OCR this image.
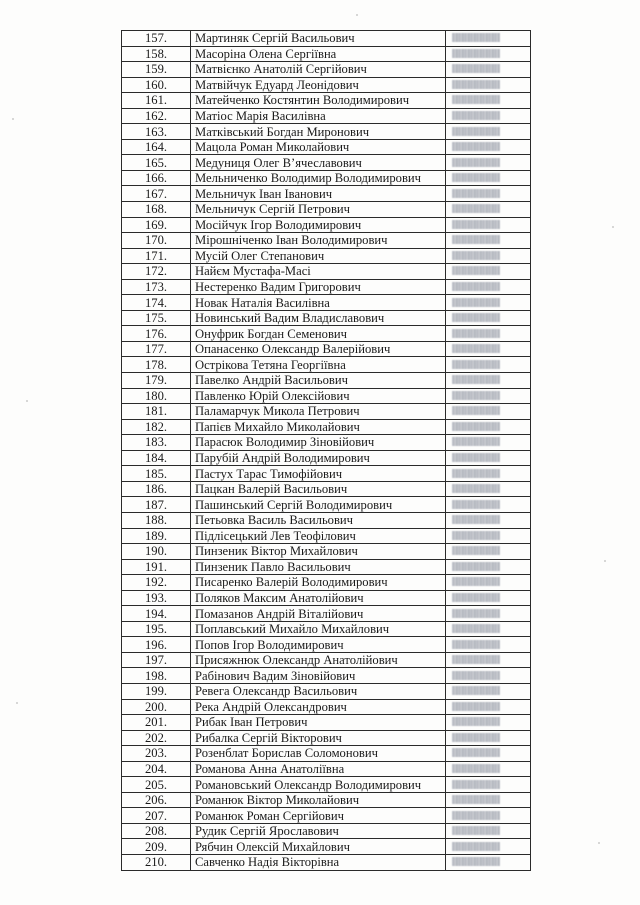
157.	Мартиняк Сергій Васильович	
158.	Масоріна Олена Сергіївна	
159.	Матвієнко Анатолій Сергійович	
160.	Матвійчук Едуард Леонідович	
161.	Матейченко Костянтин Володимирович	
162.	Матіос Марія Василівна	
163.	Матківський Богдан Миронович	
164.	Мацола Роман Миколайович	
165.	Медуниця Олег В’ячеславович	
166.	Мельниченко Володимир Володимирович	
167.	Мельничук Іван Іванович	
168.	Мельничук Сергій Петрович	
169.	Мосійчук Ігор Володимирович	
170.	Мірошніченко Іван Володимирович	
171.	Мусій Олег Степанович	
172.	Найєм Мустафа-Масі	
173.	Нестеренко Вадим Григорович	
174.	Новак Наталія Василівна	
175.	Новинський Вадим Владиславович	
176.	Онуфрик Богдан Семенович	
177.	Опанасенко Олександр Валерійович	
178.	Острікова Тетяна Георгіївна	
179.	Павелко Андрій Васильович	
180.	Павленко Юрій Олексійович	
181.	Паламарчук Микола Петрович	
182.	Папієв Михайло Миколайович	
183.	Парасюк Володимир Зіновійович	
184.	Парубій Андрій Володимирович	
185.	Пастух Тарас Тимофійович	
186.	Пацкан Валерій Васильович	
187.	Пашинський Сергій Володимирович	
188.	Петьовка Василь Васильович	
189.	Підлісецький Лев Теофілович	
190.	Пинзеник Віктор Михайлович	
191.	Пинзеник Павло Васильович	
192.	Писаренко Валерій Володимирович	
193.	Поляков Максим Анатолійович	
194.	Помазанов Андрій Віталійович	
195.	Поплавський Михайло Михайлович	
196.	Попов Ігор Володимирович	
197.	Присяжнюк Олександр Анатолійович	
198.	Рабінович Вадим Зіновійович	
199.	Ревега Олександр Васильович	
200.	Река Андрій Олександрович	
201.	Рибак Іван Петрович	
202.	Рибалка Сергій Вікторович	
203.	Розенблат Борислав Соломонович	
204.	Романова Анна Анатоліївна	
205.	Романовський Олександр Володимирович	
206.	Романюк Віктор Миколайович	
207.	Романюк Роман Сергійович	
208.	Рудик Сергій Ярославович	
209.	Рябчин Олексій Михайлович	
210.	Савченко Надія Вікторівна	
